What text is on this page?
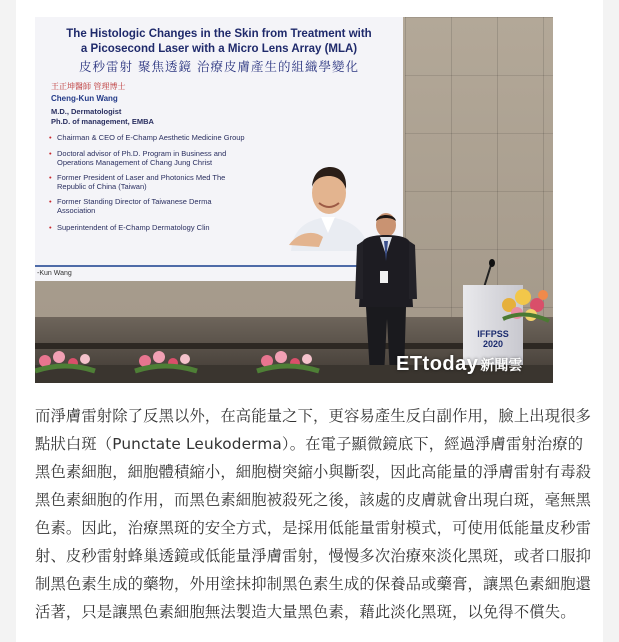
The Histologic Changes in the Skin from Treatment with
a Picosecond Laser with a Micro Lens Array (MLA)
皮秒雷射 聚焦透鏡 治療皮膚產生的組織學變化
王正坤醫師 管理博士
Cheng-Kun Wang
M.D., Dermatologist
Ph.D. of management, EMBA
• Chairman & CEO of E-Champ Aesthetic Medicine Group
• Doctoral advisor of Ph.D. Program in Business and Operations Management of Chang Jung Christ
• Former President of Laser and Photonics Med The Republic of China (Taiwan)
• Former Standing Director of Taiwanese Derma Association
• Superintendent of E-Champ Dermatology Clin
-Kun Wang
IFFPSS
2020
ETtoday 新聞雲

而淨膚雷射除了反黑以外，在高能量之下，更容易產生反白副作用，臉上出現很多點狀白斑（Punctate Leukoderma）。在電子顯微鏡底下，經過淨膚雷射治療的黑色素細胞，細胞體積縮小，細胞樹突縮小與斷裂，因此高能量的淨膚雷射有毒殺黑色素細胞的作用，而黑色素細胞被殺死之後，該處的皮膚就會出現白斑，毫無黑色素。因此，治療黑斑的安全方式，是採用低能量雷射模式，可使用低能量皮秒雷射、皮秒雷射蜂巢透鏡或低能量淨膚雷射，慢慢多次治療來淡化黑斑，或者口服抑制黑色素生成的藥物，外用塗抹抑制黑色素生成的保養品或藥膏，讓黑色素細胞還活著，只是讓黑色素細胞無法製造大量黑色素，藉此淡化黑斑，以免得不償失。
